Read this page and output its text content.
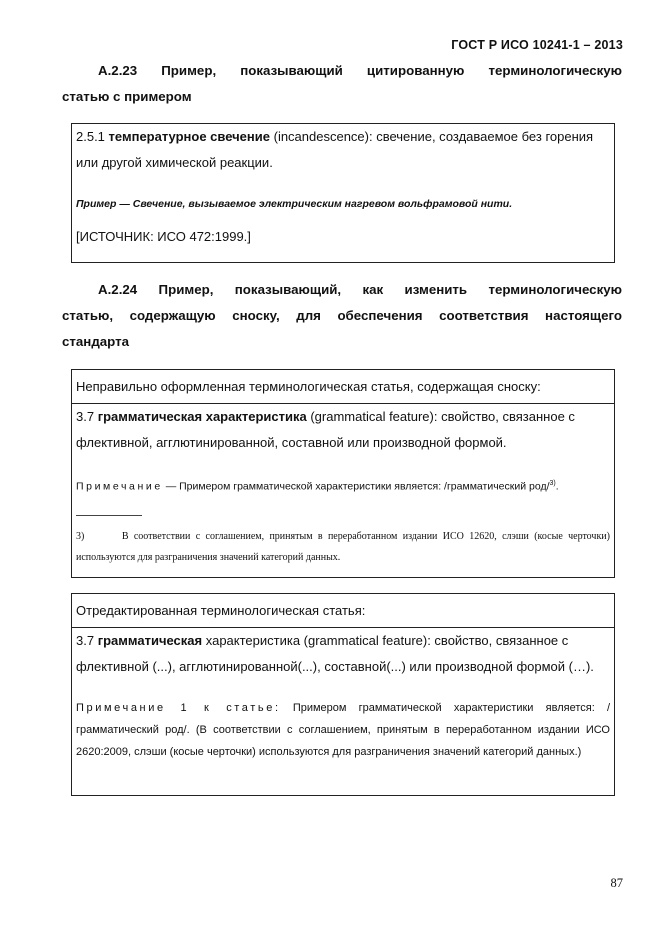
ГОСТ Р ИСО 10241-1 – 2013
А.2.23 Пример, показывающий цитированную терминологическую
статью с примером
2.5.1 температурное свечение (incandescence): свечение, создаваемое без горения
или другой химической реакции.
Пример — Свечение, вызываемое электрическим нагревом вольфрамовой нити.
[ИСТОЧНИК: ИСО 472:1999.]
А.2.24 Пример, показывающий, как изменить терминологическую
статью, содержащую сноску, для обеспечения соответствия настоящего
стандарта
Неправильно оформленная терминологическая статья, содержащая сноску:
3.7 грамматическая характеристика (grammatical feature): свойство, связанное с
флективной, агглютинированной, составной или производной формой.
Примечание — Примером грамматической характеристики является: /грамматический род/$^{3)}$.
3)	В соответствии с соглашением, принятым в переработанном издании ИСО 12620, слэши (косые черточки) используются для разграничения значений категорий данных.
Отредактированная терминологическая статья:
3.7 грамматическая характеристика (grammatical feature): свойство, связанное с
флективной (...), агглютинированной(...), составной(...) или производной формой (…).
Примечание 1 к статье: Примером грамматической характеристики является: /грамматический род/. (В соответствии с соглашением, принятым в переработанном издании ИСО 2620:2009, слэши (косые черточки) используются для разграничения значений категорий данных.)
87
